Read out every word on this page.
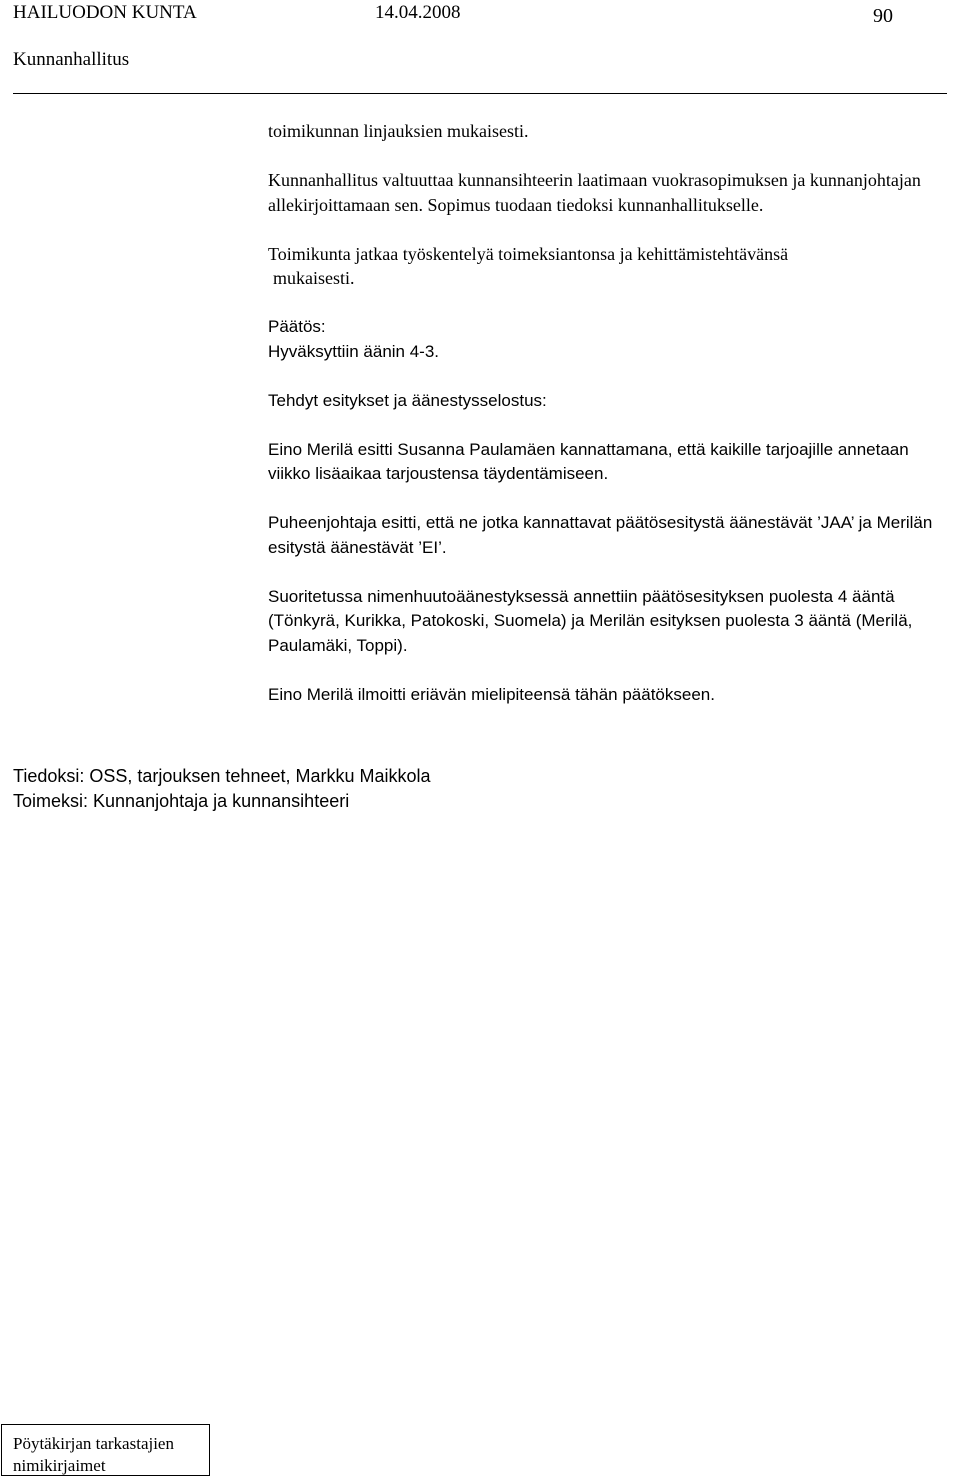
HAILUODON KUNTA	14.04.2008	90
Kunnanhallitus

toimikunnan linjauksien mukaisesti.

Kunnanhallitus valtuuttaa kunnansihteerin laatimaan vuokrasopimuksen ja kunnanjohtajan allekirjoittamaan sen. Sopimus tuodaan tiedoksi kunnanhallitukselle.

Toimikunta jatkaa työskentelyä toimeksiantonsa ja kehittämistehtävänsä
mukaisesti.

Päätös:
Hyväksyttiin äänin 4-3.

Tehdyt esitykset ja äänestysselostus:

Eino Merilä esitti Susanna Paulamäen kannattamana, että kaikille tarjoajille annetaan viikko lisäaikaa tarjoustensa täydentämiseen.

Puheenjohtaja esitti, että ne jotka kannattavat päätösesitystä äänestävät ’JAA’ ja Merilän esitystä äänestävät ’EI’.

Suoritetussa nimenhuutoäänestyksessä annettiin päätösesityksen puolesta 4 ääntä (Tönkyrä, Kurikka, Patokoski, Suomela) ja Merilän esityksen puolesta 3 ääntä (Merilä, Paulamäki, Toppi).

Eino Merilä ilmoitti eriävän mielipiteensä tähän päätökseen.

Tiedoksi: OSS, tarjouksen tehneet, Markku Maikkola
Toimeksi: Kunnanjohtaja ja kunnansihteeri
Pöytäkirjan tarkastajien nimikirjaimet
